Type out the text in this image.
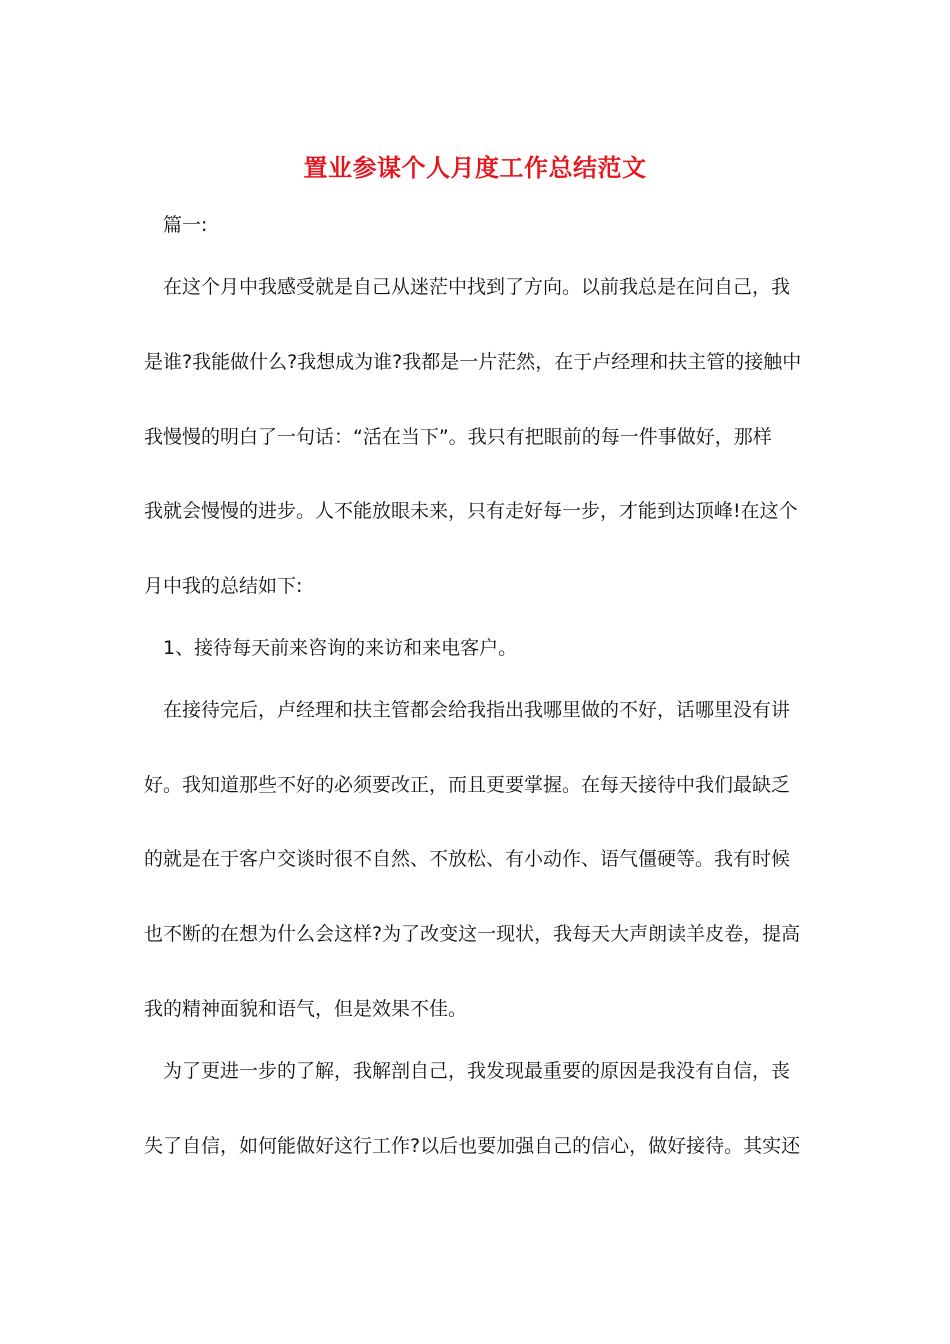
置业参谋个人月度工作总结范文
篇一:
在这个月中我感受就是自己从迷茫中找到了方向。以前我总是在问自己，我
是谁?我能做什么?我想成为谁?我都是一片茫然，在于卢经理和扶主管的接触中
我慢慢的明白了一句话：“活在当下”。我只有把眼前的每一件事做好，那样
我就会慢慢的进步。人不能放眼未来，只有走好每一步，才能到达顶峰!在这个
月中我的总结如下:
1、接待每天前来咨询的来访和来电客户。
在接待完后，卢经理和扶主管都会给我指出我哪里做的不好，话哪里没有讲
好。我知道那些不好的必须要改正，而且更要掌握。在每天接待中我们最缺乏
的就是在于客户交谈时很不自然、不放松、有小动作、语气僵硬等。我有时候
也不断的在想为什么会这样?为了改变这一现状，我每天大声朗读羊皮卷，提高
我的精神面貌和语气，但是效果不佳。
为了更进一步的了解，我解剖自己，我发现最重要的原因是我没有自信，丧
失了自信，如何能做好这行工作?以后也要加强自己的信心，做好接待。其实还
